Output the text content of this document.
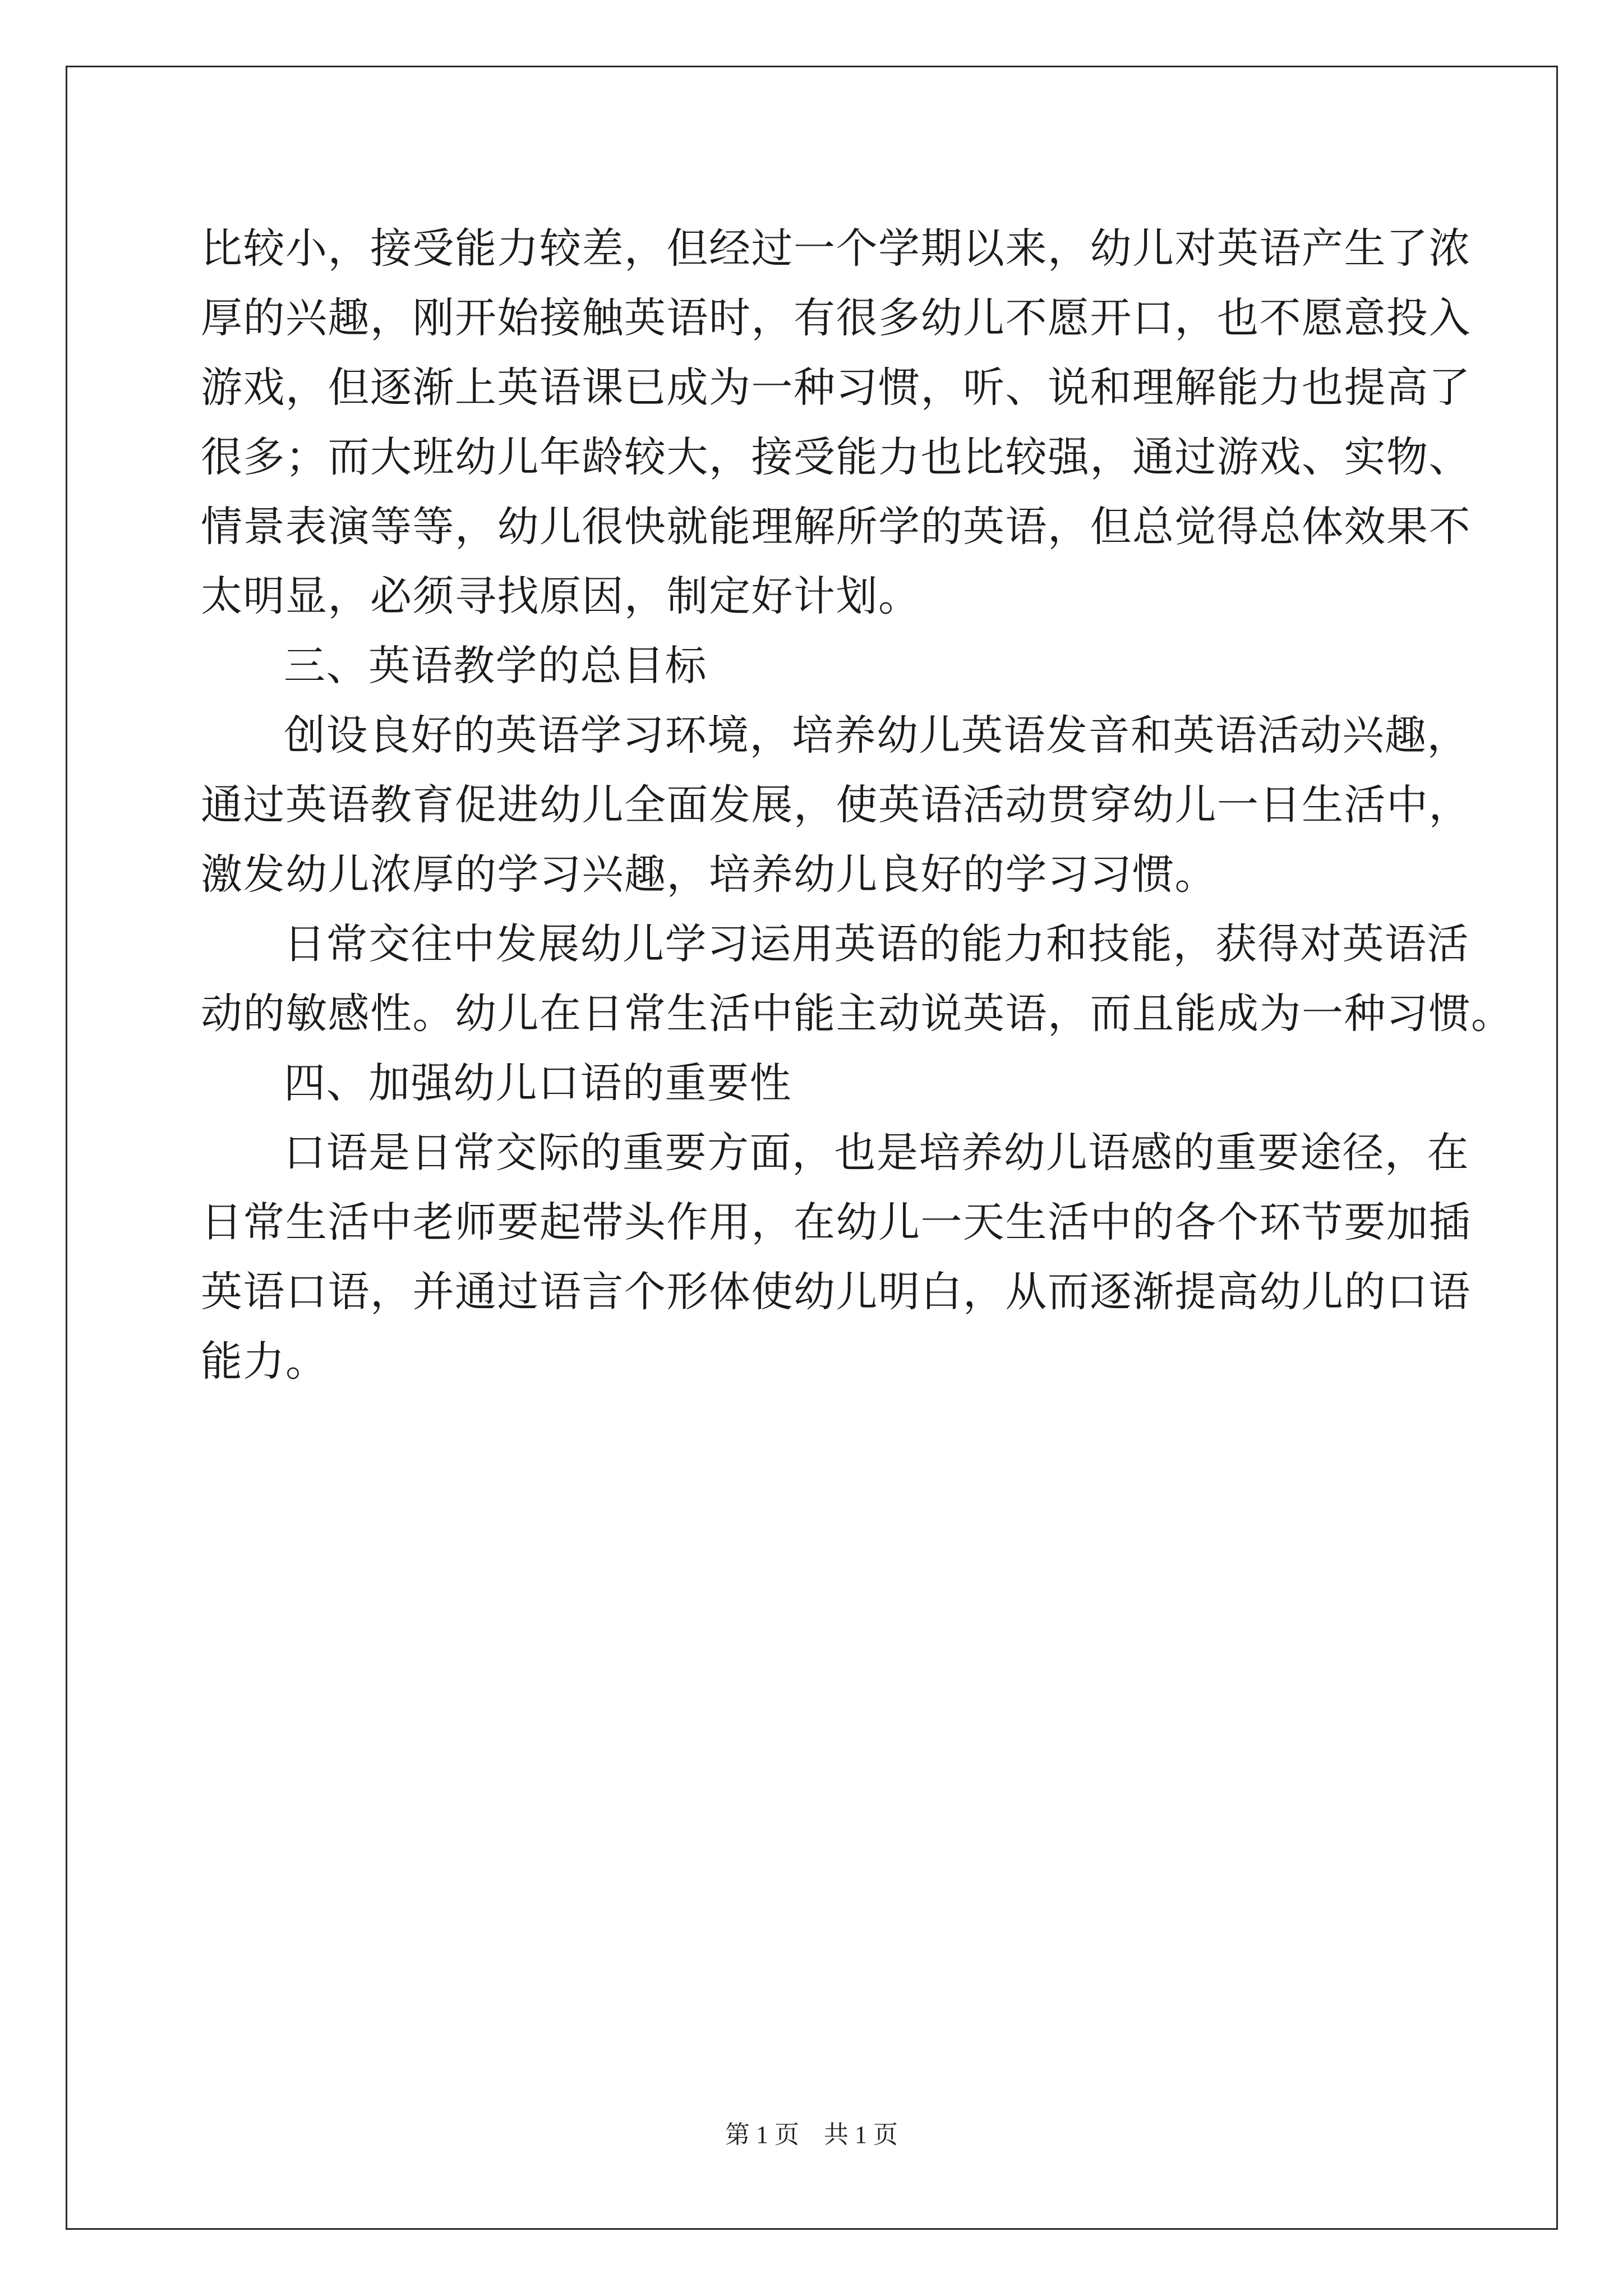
比较小，接受能力较差，但经过一个学期以来，幼儿对英语产生了浓
厚的兴趣，刚开始接触英语时，有很多幼儿不愿开口，也不愿意投入
游戏，但逐渐上英语课已成为一种习惯，听、说和理解能力也提高了
很多；而大班幼儿年龄较大，接受能力也比较强，通过游戏、实物、
情景表演等等，幼儿很快就能理解所学的英语，但总觉得总体效果不
太明显，必须寻找原因，制定好计划。
三、英语教学的总目标
创设良好的英语学习环境，培养幼儿英语发音和英语活动兴趣，
通过英语教育促进幼儿全面发展，使英语活动贯穿幼儿一日生活中，
激发幼儿浓厚的学习兴趣，培养幼儿良好的学习习惯。
日常交往中发展幼儿学习运用英语的能力和技能，获得对英语活
动的敏感性。幼儿在日常生活中能主动说英语，而且能成为一种习惯。
四、加强幼儿口语的重要性
口语是日常交际的重要方面，也是培养幼儿语感的重要途径，在
日常生活中老师要起带头作用，在幼儿一天生活中的各个环节要加插
英语口语，并通过语言个形体使幼儿明白，从而逐渐提高幼儿的口语
能力。
第 1 页　共 1 页
